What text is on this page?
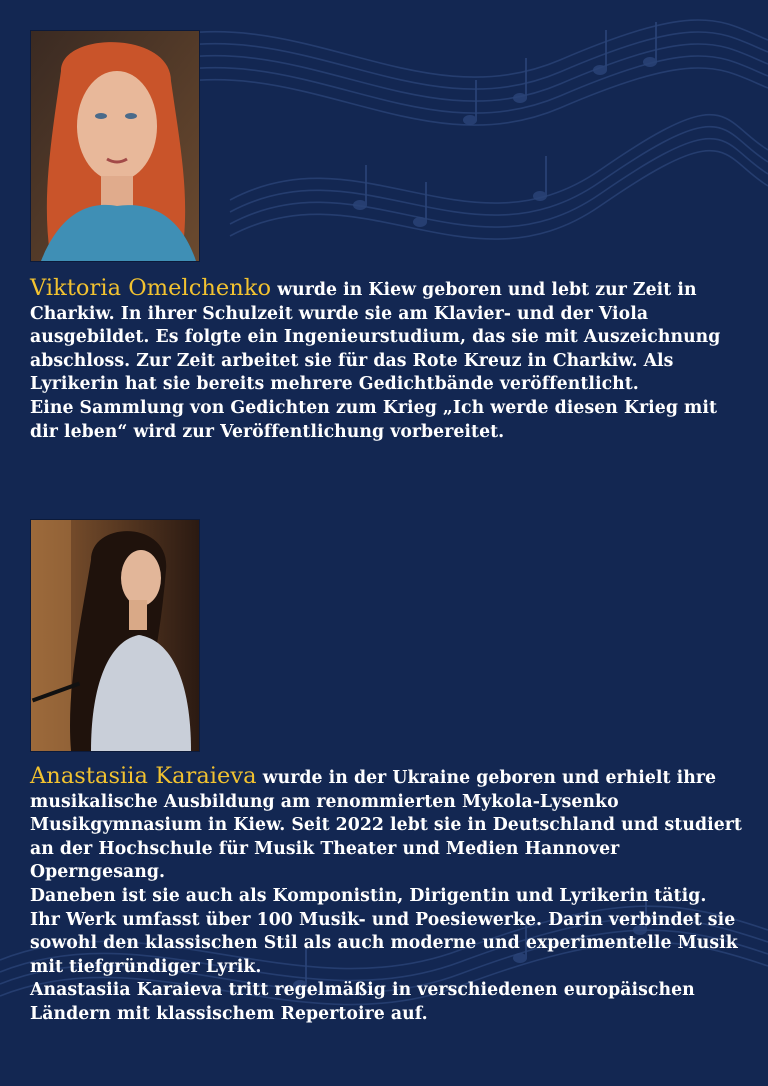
Viktoria Omelchenko wurde in Kiew geboren und lebt zur Zeit in
Charkiw. In ihrer Schulzeit wurde sie am Klavier- und der Viola
ausgebildet. Es folgte ein Ingenieurstudium, das sie mit Auszeichnung
abschloss. Zur Zeit arbeitet sie für das Rote Kreuz in Charkiw. Als
Lyrikerin hat sie bereits mehrere Gedichtbände veröffentlicht.
Eine Sammlung von Gedichten zum Krieg „Ich werde diesen Krieg mit
dir leben“ wird zur Veröffentlichung vorbereitet.
Anastasiia Karaieva wurde in der Ukraine geboren und erhielt ihre
musikalische Ausbildung am renommierten Mykola-Lysenko
Musikgymnasium in Kiew. Seit 2022 lebt sie in Deutschland und studiert
an der Hochschule für Musik Theater und Medien Hannover
Operngesang.
Daneben ist sie auch als Komponistin, Dirigentin und Lyrikerin tätig.
Ihr Werk umfasst über 100 Musik- und Poesiewerke. Darin verbindet sie
sowohl den klassischen Stil als auch moderne und experimentelle Musik
mit tiefgründiger Lyrik.
Anastasiia Karaieva tritt regelmäßig in verschiedenen europäischen
Ländern mit klassischem Repertoire auf.
